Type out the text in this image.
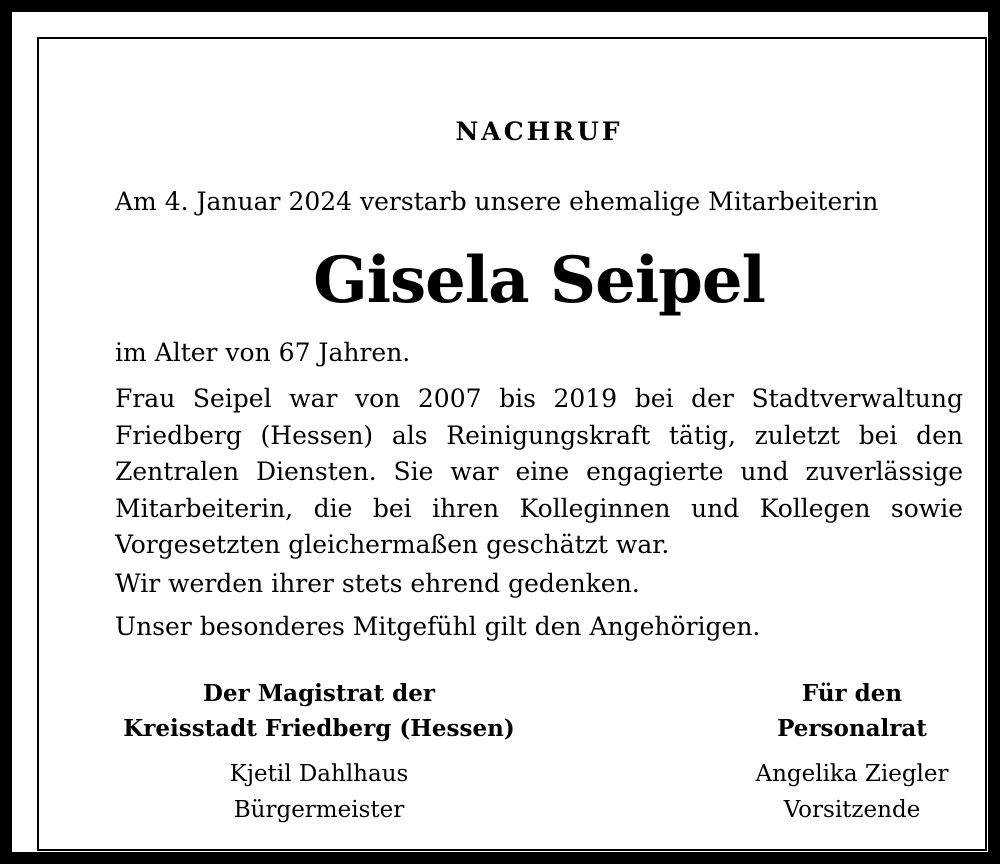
NACHRUF
Am 4. Januar 2024 verstarb unsere ehemalige Mitarbeiterin
Gisela Seipel
im Alter von 67 Jahren.
Frau Seipel war von 2007 bis 2019 bei der Stadtverwaltung Friedberg (Hessen) als Reinigungskraft tätig, zuletzt bei den Zentralen Diensten. Sie war eine engagierte und zuverlässige Mitarbeiterin, die bei ihren Kolleginnen und Kollegen sowie Vorgesetzten gleichermaßen geschätzt war.
Wir werden ihrer stets ehrend gedenken.
Unser besonderes Mitgefühl gilt den Angehörigen.
Der Magistrat der
Kreisstadt Friedberg (Hessen)
Kjetil Dahlhaus
Bürgermeister
Für den
Personalrat
Angelika Ziegler
Vorsitzende
